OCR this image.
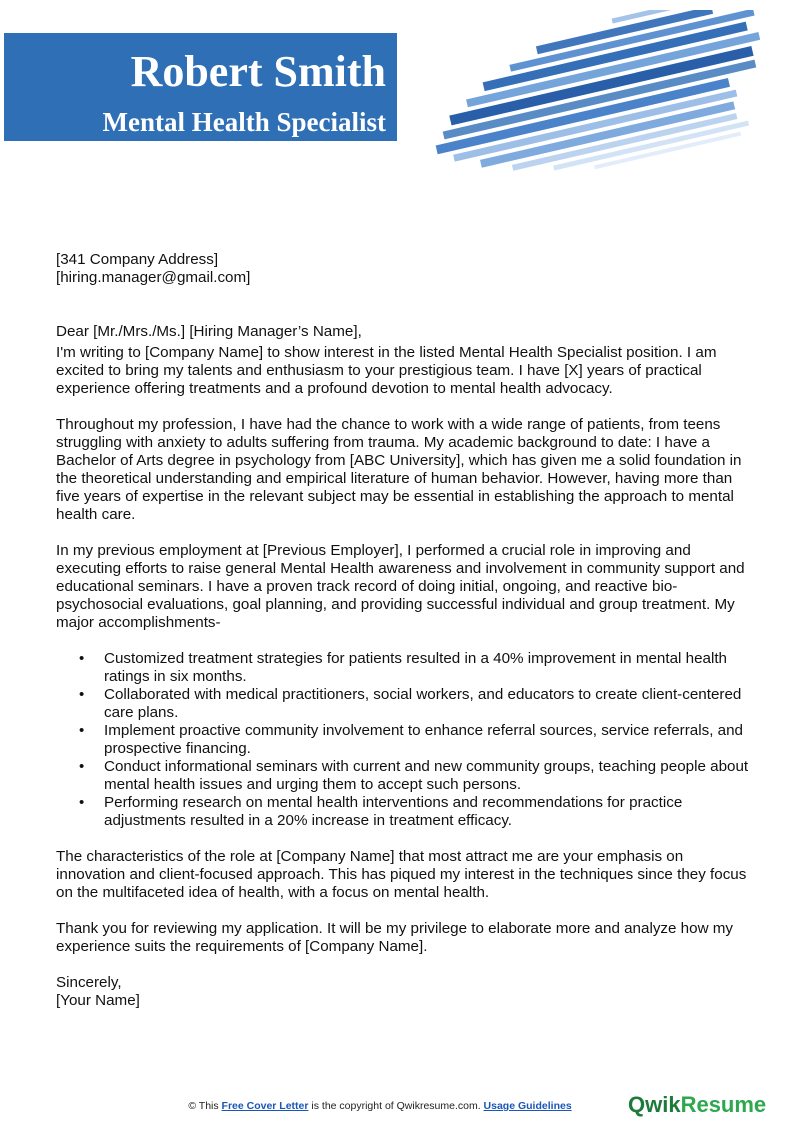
Robert Smith
Mental Health Specialist
[341 Company Address]
[hiring.manager@gmail.com]

Dear [Mr./Mrs./Ms.] [Hiring Manager’s Name],

I'm writing to [Company Name] to show interest in the listed Mental Health Specialist position. I am excited to bring my talents and enthusiasm to your prestigious team. I have [X] years of practical experience offering treatments and a profound devotion to mental health advocacy.

Throughout my profession, I have had the chance to work with a wide range of patients, from teens struggling with anxiety to adults suffering from trauma. My academic background to date: I have a Bachelor of Arts degree in psychology from [ABC University], which has given me a solid foundation in the theoretical understanding and empirical literature of human behavior. However, having more than five years of expertise in the relevant subject may be essential in establishing the approach to mental health care.

In my previous employment at [Previous Employer], I performed a crucial role in improving and executing efforts to raise general Mental Health awareness and involvement in community support and educational seminars. I have a proven track record of doing initial, ongoing, and reactive bio-psychosocial evaluations, goal planning, and providing successful individual and group treatment. My major accomplishments-

• Customized treatment strategies for patients resulted in a 40% improvement in mental health ratings in six months.
• Collaborated with medical practitioners, social workers, and educators to create client-centered care plans.
• Implement proactive community involvement to enhance referral sources, service referrals, and prospective financing.
• Conduct informational seminars with current and new community groups, teaching people about mental health issues and urging them to accept such persons.
• Performing research on mental health interventions and recommendations for practice adjustments resulted in a 20% increase in treatment efficacy.

The characteristics of the role at [Company Name] that most attract me are your emphasis on innovation and client-focused approach. This has piqued my interest in the techniques since they focus on the multifaceted idea of health, with a focus on mental health.

Thank you for reviewing my application. It will be my privilege to elaborate more and analyze how my experience suits the requirements of [Company Name].

Sincerely,
[Your Name]
© This Free Cover Letter is the copyright of Qwikresume.com. Usage Guidelines	QwikResume
